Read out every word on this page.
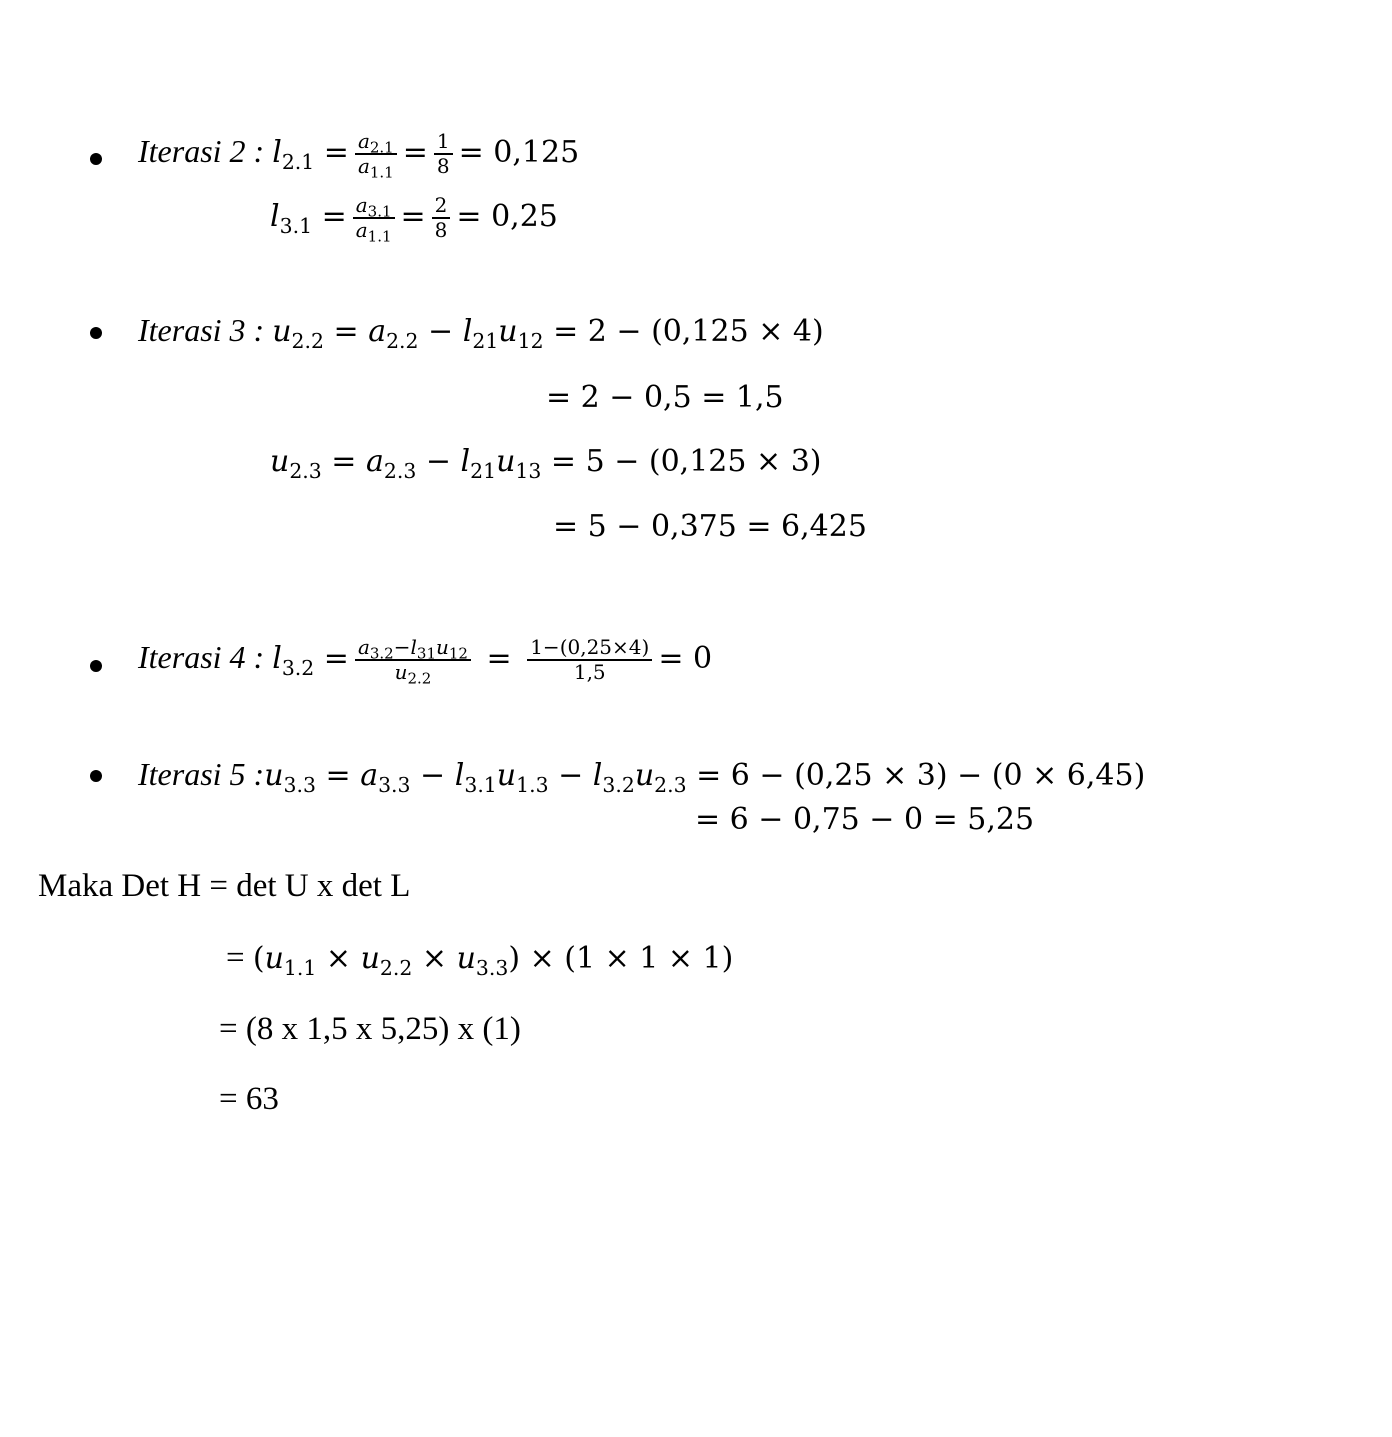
Iterasi 2 : $l_{2.1} = \frac{a_{2.1}}{a_{1.1}} = \frac{1}{8} = 0,125$
$l_{3.1} = \frac{a_{3.1}}{a_{1.1}} = \frac{2}{8} = 0,25$
Iterasi 3 : $u_{2.2} = a_{2.2} - l_{21}u_{12} = 2 - (0,125 \times 4)$
= 2 − 0,5 = 1,5
$u_{2.3} = a_{2.3} - l_{21}u_{13} = 5 - (0,125 \times 3)$
= 5 − 0,375 = 6,425
Iterasi 4 : $l_{3.2} = \frac{a_{3.2}-l_{31}u_{12}}{u_{2.2}} = \frac{1-(0,25\times 4)}{1,5} = 0$
Iterasi 5 $:u_{3.3} = a_{3.3} - l_{3.1}u_{1.3} - l_{3.2}u_{2.3} = 6 - (0,25 \times 3) - (0 \times 6,45)$
= 6 − 0,75 − 0 = 5,25
Maka Det H = det U x det L
= $(u_{1.1} \times u_{2.2} \times u_{3.3}) \times (1 \times 1 \times 1)$
= (8 x 1,5 x 5,25) x (1)
= 63
